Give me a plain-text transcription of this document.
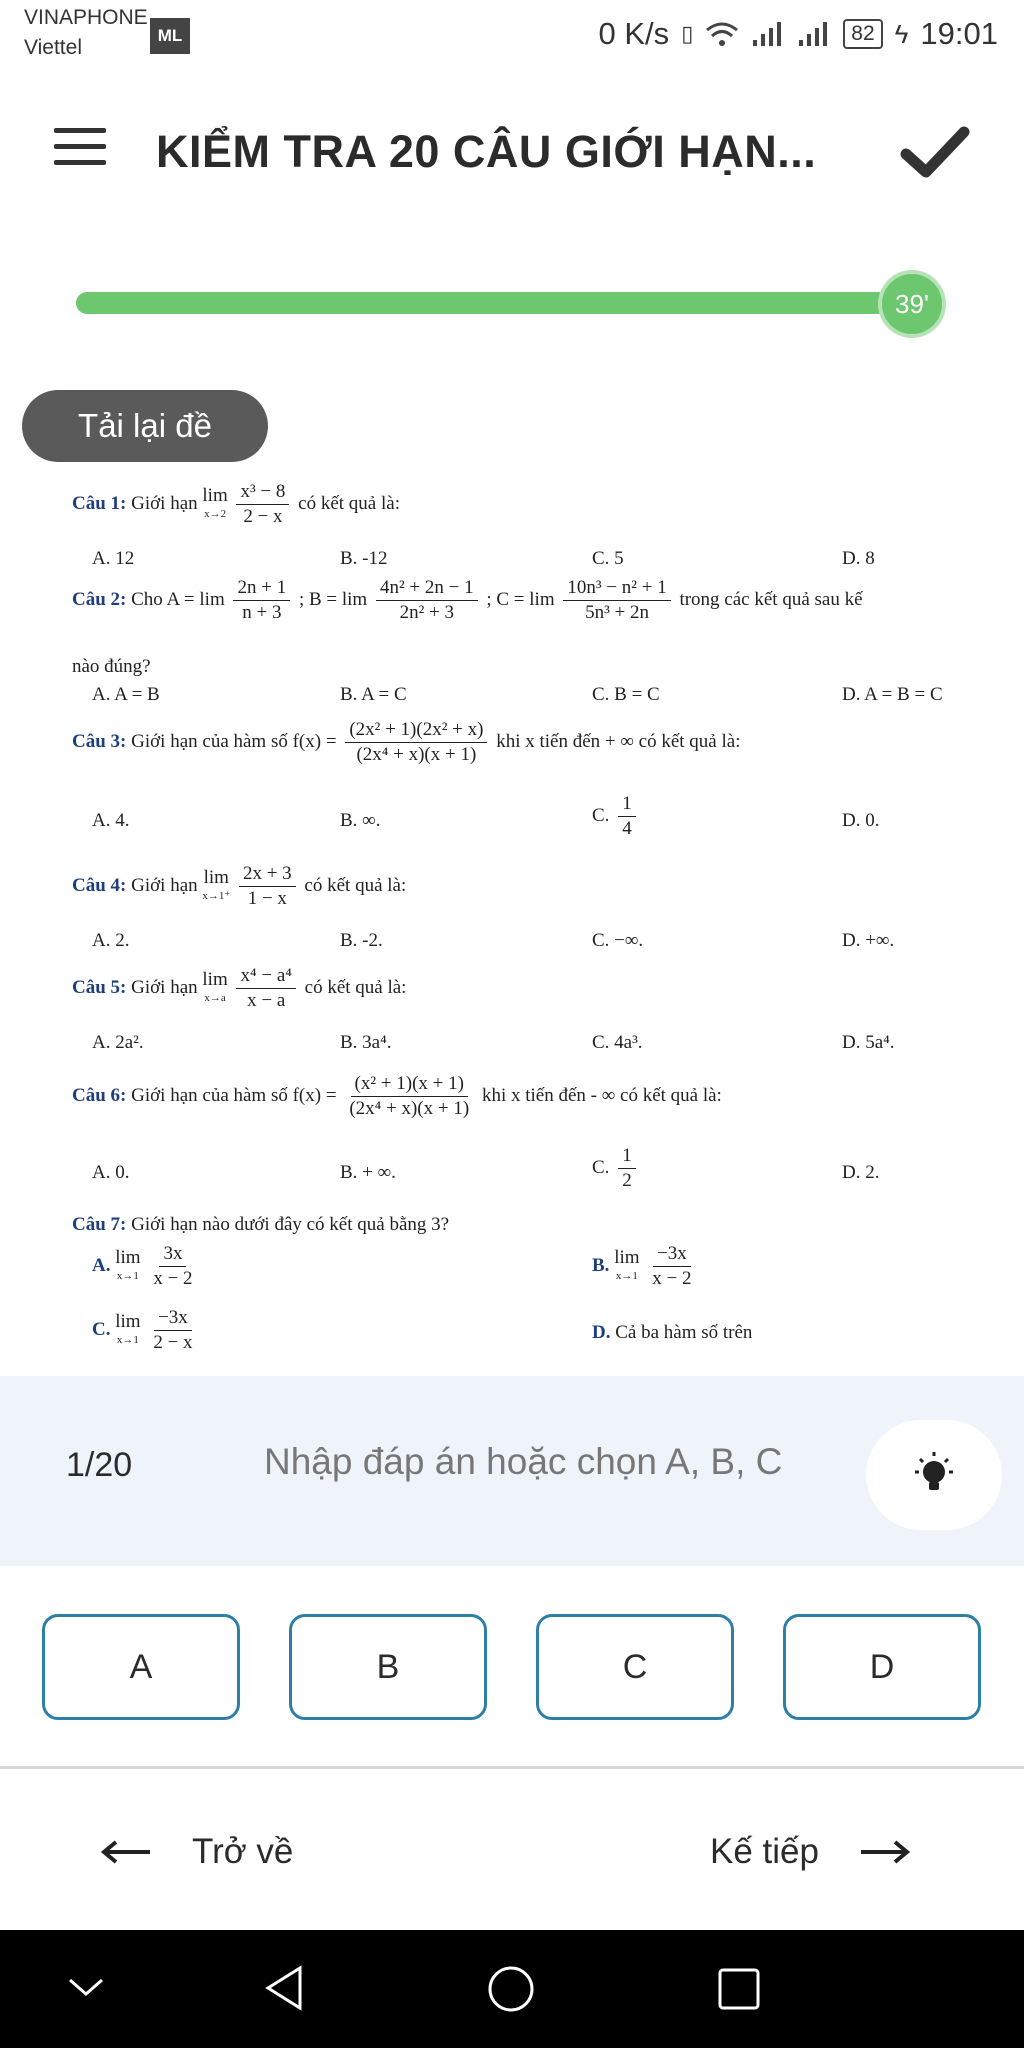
VINAPHONE
Viettel
ML	0 K/s ▯	82 ϟ 19:01
KIỂM TRA 20 CÂU GIỚI HẠN...
39'
Tải lại đề
Câu 1: Giới hạn lim
x→2
$\frac{\text{x³ − 8}}{2 - x}$ có kết quả là:
A. 12	B. -12	C. 5	D. 8
Câu 2: Cho $A = \lim \frac{2n + 1}{n + 3}$ ; $B = \lim \frac{\text{4n² + 2n − 1}}{\text{2n² + 3}}$ ; $C = \lim \frac{\text{10n³ − n² + 1}}{\text{5n³ + 2n}}$ trong các kết quả sau kế
nào đúng?
A. A = B	B. A = C	C. B = C	D. A = B = C
Câu 3: Giới hạn của hàm số $f(x) = \frac{\text{(2x² + 1)(2x² + x)}}{\text{(2x⁴ + x)(x + 1)}}$ khi x tiến đến + ∞ có kết quả là:
A. 4.	B. ∞.	C. $\frac{1}{4}$	D. 0.
Câu 4: Giới hạn lim
x→1⁺
$\frac{2x + 3}{1 - x}$ có kết quả là:
A. 2.	B. -2.	C. −∞.	D. +∞.
Câu 5: Giới hạn lim
x→a
$\frac{\text{x⁴ − a⁴}}{x - a}$ có kết quả là:
A. 2a².	B. 3a⁴.	C. 4a³.	D. 5a⁴.
Câu 6: Giới hạn của hàm số $f(x) = \frac{\text{(x² + 1)(x + 1)}}{\text{(2x⁴ + x)(x + 1)}}$ khi x tiến đến - ∞ có kết quả là:
A. 0.	B. + ∞.	C. $\frac{1}{2}$	D. 2.
Câu 7: Giới hạn nào dưới đây có kết quả bằng 3?
A. lim
x→1
$\frac{3x}{x - 2}$	B. lim
x→1
$\frac{-3x}{x - 2}$
C. lim
x→1
$\frac{-3x}{2 - x}$	D. Cả ba hàm số trên
1/20
Nhập đáp án hoặc chọn A, B, C
A	B	C	D
Trở về	Kế tiếp
